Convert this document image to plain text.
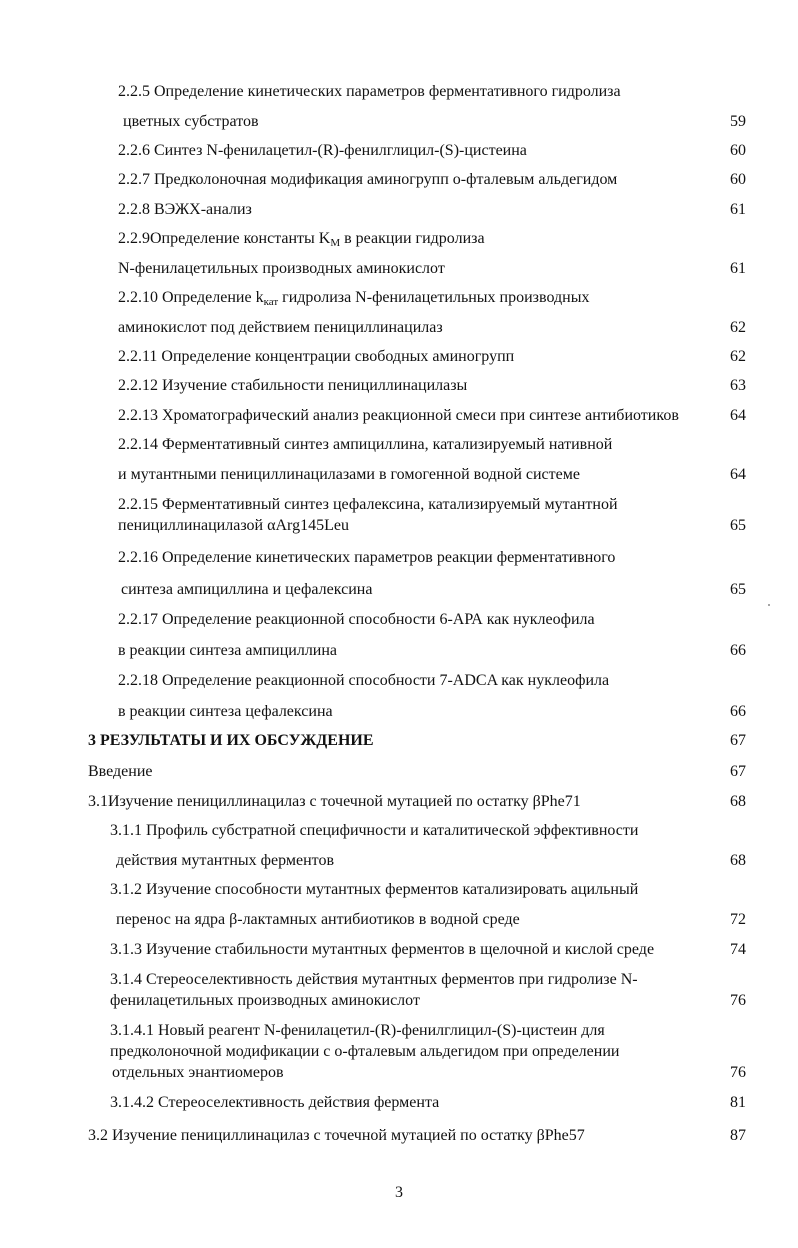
2.2.5 Определение кинетических параметров ферментативного гидролиза
цветных субстратов	59
2.2.6 Синтез N-фенилацетил-(R)-фенилглицил-(S)-цистеина	60
2.2.7 Предколоночная модификация аминогрупп о-фталевым альдегидом	60
2.2.8 ВЭЖХ-анализ	61
2.2.9Определение константы $K_M$ в реакции гидролиза
N-фенилацетильных производных аминокислот	61
2.2.10 Определение $k_{кат}$ гидролиза N-фенилацетильных производных
аминокислот под действием пенициллинацилаз	62
2.2.11 Определение концентрации свободных аминогрупп	62
2.2.12 Изучение стабильности пенициллинацилазы	63
2.2.13 Хроматографический анализ реакционной смеси при синтезе антибиотиков	64
2.2.14 Ферментативный синтез ампициллина, катализируемый нативной
и мутантными пенициллинацилазами в гомогенной водной системе	64
2.2.15 Ферментативный синтез цефалексина, катализируемый мутантной
пенициллинацилазой αArg145Leu	65
2.2.16 Определение кинетических параметров реакции ферментативного
синтеза ампициллина и цефалексина	65
2.2.17 Определение реакционной способности 6-АРА как нуклеофила
в реакции синтеза ампициллина	66
2.2.18 Определение реакционной способности 7-ADCA как нуклеофила
в реакции синтеза цефалексина	66
3 РЕЗУЛЬТАТЫ И ИХ ОБСУЖДЕНИЕ	67
Введение	67
3.1Изучение пенициллинацилаз с точечной мутацией по остатку βPhe71	68
3.1.1 Профиль субстратной специфичности и каталитической эффективности
действия мутантных ферментов	68
3.1.2 Изучение способности мутантных ферментов катализировать ацильный
перенос на ядра β-лактамных антибиотиков в водной среде	72
3.1.3 Изучение стабильности мутантных ферментов в щелочной и кислой среде	74
3.1.4 Стереоселективность действия мутантных ферментов при гидролизе N-
фенилацетильных производных аминокислот	76
3.1.4.1 Новый реагент N-фенилацетил-(R)-фенилглицил-(S)-цистеин для
предколоночной модификации с о-фталевым альдегидом при определении
отдельных энантиомеров	76
3.1.4.2 Стереоселективность действия фермента	81
3.2 Изучение пенициллинацилаз с точечной мутацией по остатку βPhe57	87
3
